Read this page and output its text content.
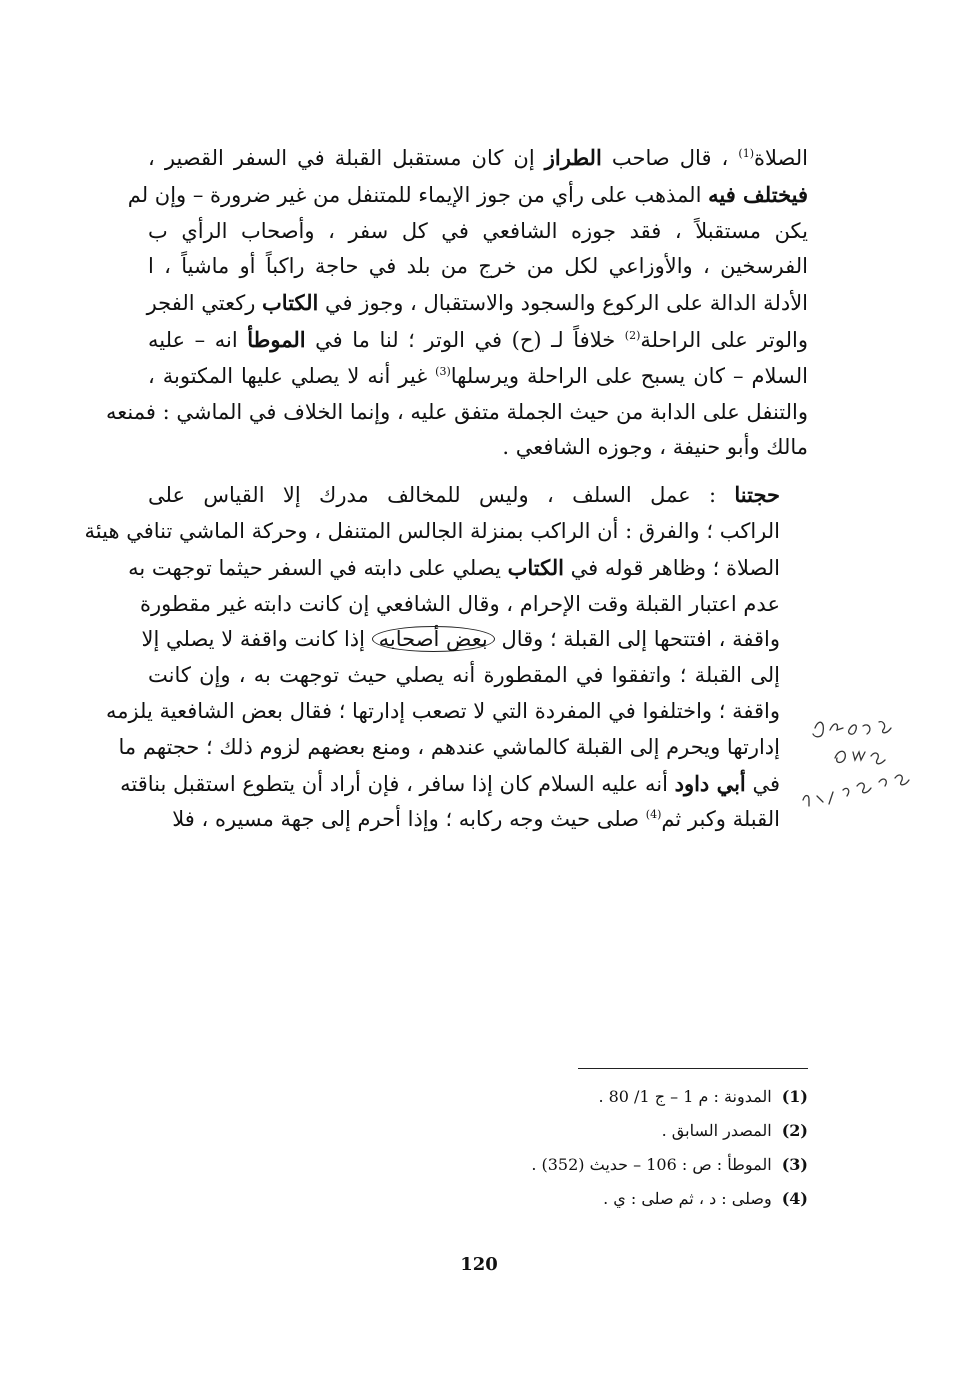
الصلاة$^{(1)}$ ، قال صاحب الطراز إن كان مستقبل القبلة في السفر القصير ،
فيختلف فيه المذهب على رأي من جوز الإيماء للمتنفل من غير ضرورة – وإن لم
يكن مستقبلاً ، فقد جوزه الشافعي في كل سفر ، وأصحاب الرأي ب
الفرسخين ، والأوزاعي لكل من خرج من بلد في حاجة راكباً أو ماشياً ، ا
الأدلة الدالة على الركوع والسجود والاستقبال ، وجوز في الكتاب ركعتي الفجر
والوتر على الراحلة$^{(2)}$ خلافاً لـ (ح) في الوتر ؛ لنا ما في الموطأ انه – عليه
السلام – كان يسبح على الراحلة ويرسلها$^{(3)}$ غير أنه لا يصلي عليها المكتوبة ،
والتنفل على الدابة من حيث الجملة متفق عليه ، وإنما الخلاف في الماشي : فمنعه
مالك وأبو حنيفة ، وجوزه الشافعي .

حجتنا : عمل السلف ، وليس للمخالف مدرك إلا القياس على
الراكب ؛ والفرق : أن الراكب بمنزلة الجالس المتنفل ، وحركة الماشي تنافي هيئة
الصلاة ؛ وظاهر قوله في الكتاب يصلي على دابته في السفر حيثما توجهت به
عدم اعتبار القبلة وقت الإحرام ، وقال الشافعي إن كانت دابته غير مقطورة
واقفة ، افتتحها إلى القبلة ؛ وقال بعض أصحابه إذا كانت واقفة لا يصلي إلا
إلى القبلة ؛ واتفقوا في المقطورة أنه يصلي حيث توجهت به ، وإن كانت
واقفة ؛ واختلفوا في المفردة التي لا تصعب إدارتها ؛ فقال بعض الشافعية يلزمه
إدارتها ويحرم إلى القبلة كالماشي عندهم ، ومنع بعضهم لزوم ذلك ؛ حجتهم ما
في أبي داود أنه عليه السلام كان إذا سافر ، فإن أراد أن يتطوع استقبل بناقته
القبلة وكبر ثم$^{(4)}$ صلى حيث وجه ركابه ؛ وإذا أحرم إلى جهة مسيره ، فلا

(1)المدونة : م 1 – ج 1/ 80 .
(2)المصدر السابق .
(3)الموطأ : ص : 106 – حديث (352) .
(4)وصلى : د ، ثم صلى : ي .
120
